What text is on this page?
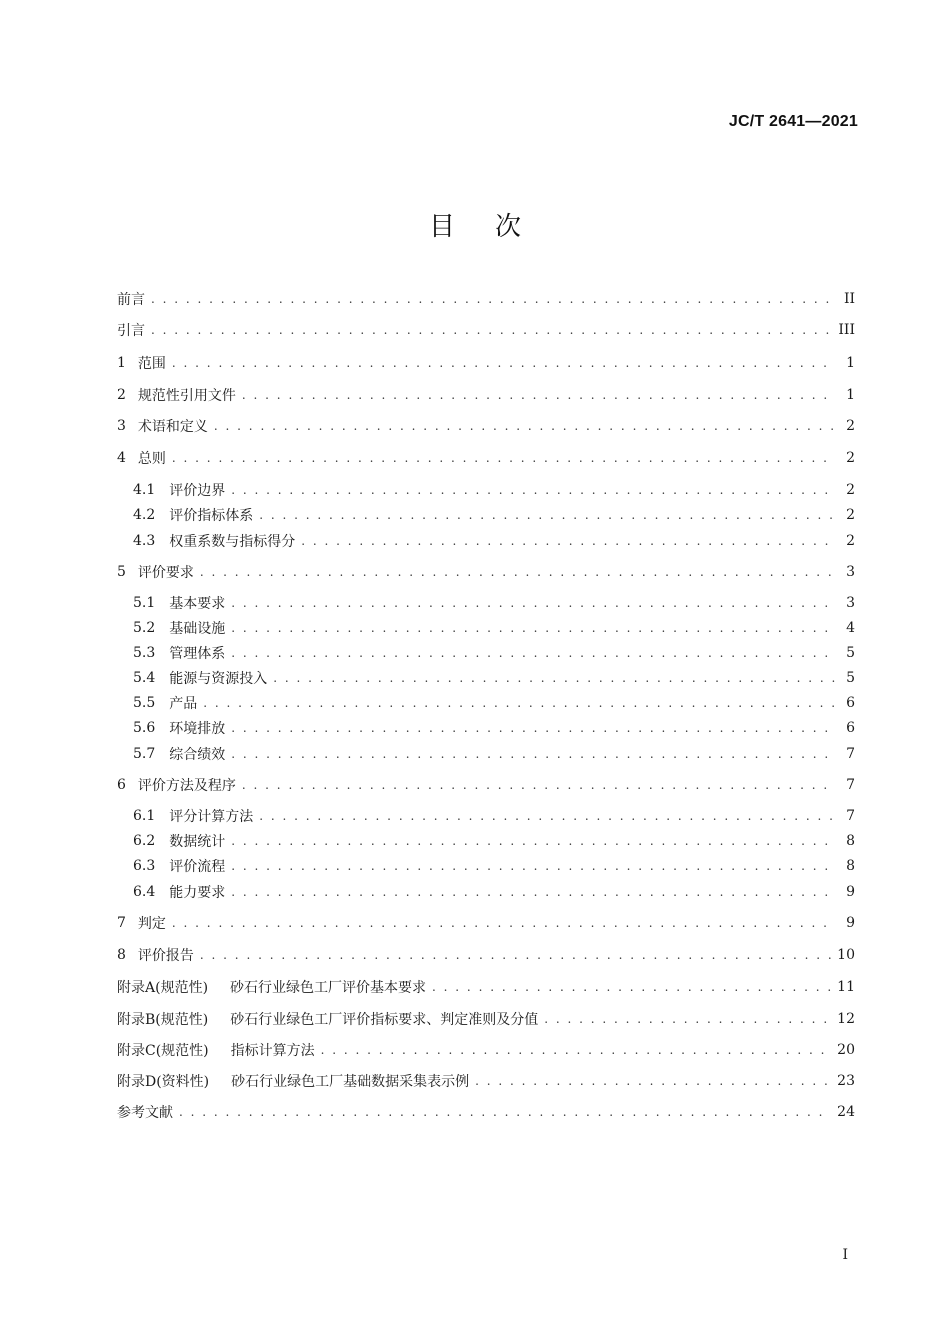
JC/T 2641—2021
目次
前言 . . .	II
引言 . . .	III
1 范围 . . .	1
2 规范性引用文件 . . .	1
3 术语和定义 . . .	2
4 总则 . . .	2
4.1	评价边界 . . .	2
4.2	评价指标体系 . . .	2
4.3	权重系数与指标得分 . . .	2
5 评价要求 . . .	3
5.1	基本要求 . . .	3
5.2	基础设施 . . .	4
5.3	管理体系 . . .	5
5.4	能源与资源投入 . . .	5
5.5	产品 . . .	6
5.6	环境排放 . . .	6
5.7	综合绩效 . . .	7
6 评价方法及程序 . . .	7
6.1	评分计算方法 . . .	7
6.2	数据统计 . . .	8
6.3	评价流程 . . .	8
6.4	能力要求 . . .	9
7 判定 . . .	9
8 评价报告 . . .	10
附录A(规范性)	砂石行业绿色工厂评价基本要求 . . .	11
附录B(规范性)	砂石行业绿色工厂评价指标要求、判定准则及分值 . . .	12
附录C(规范性)	指标计算方法 . . .	20
附录D(资料性)	砂石行业绿色工厂基础数据采集表示例 . . .	23
参考文献 . . .	24
I
